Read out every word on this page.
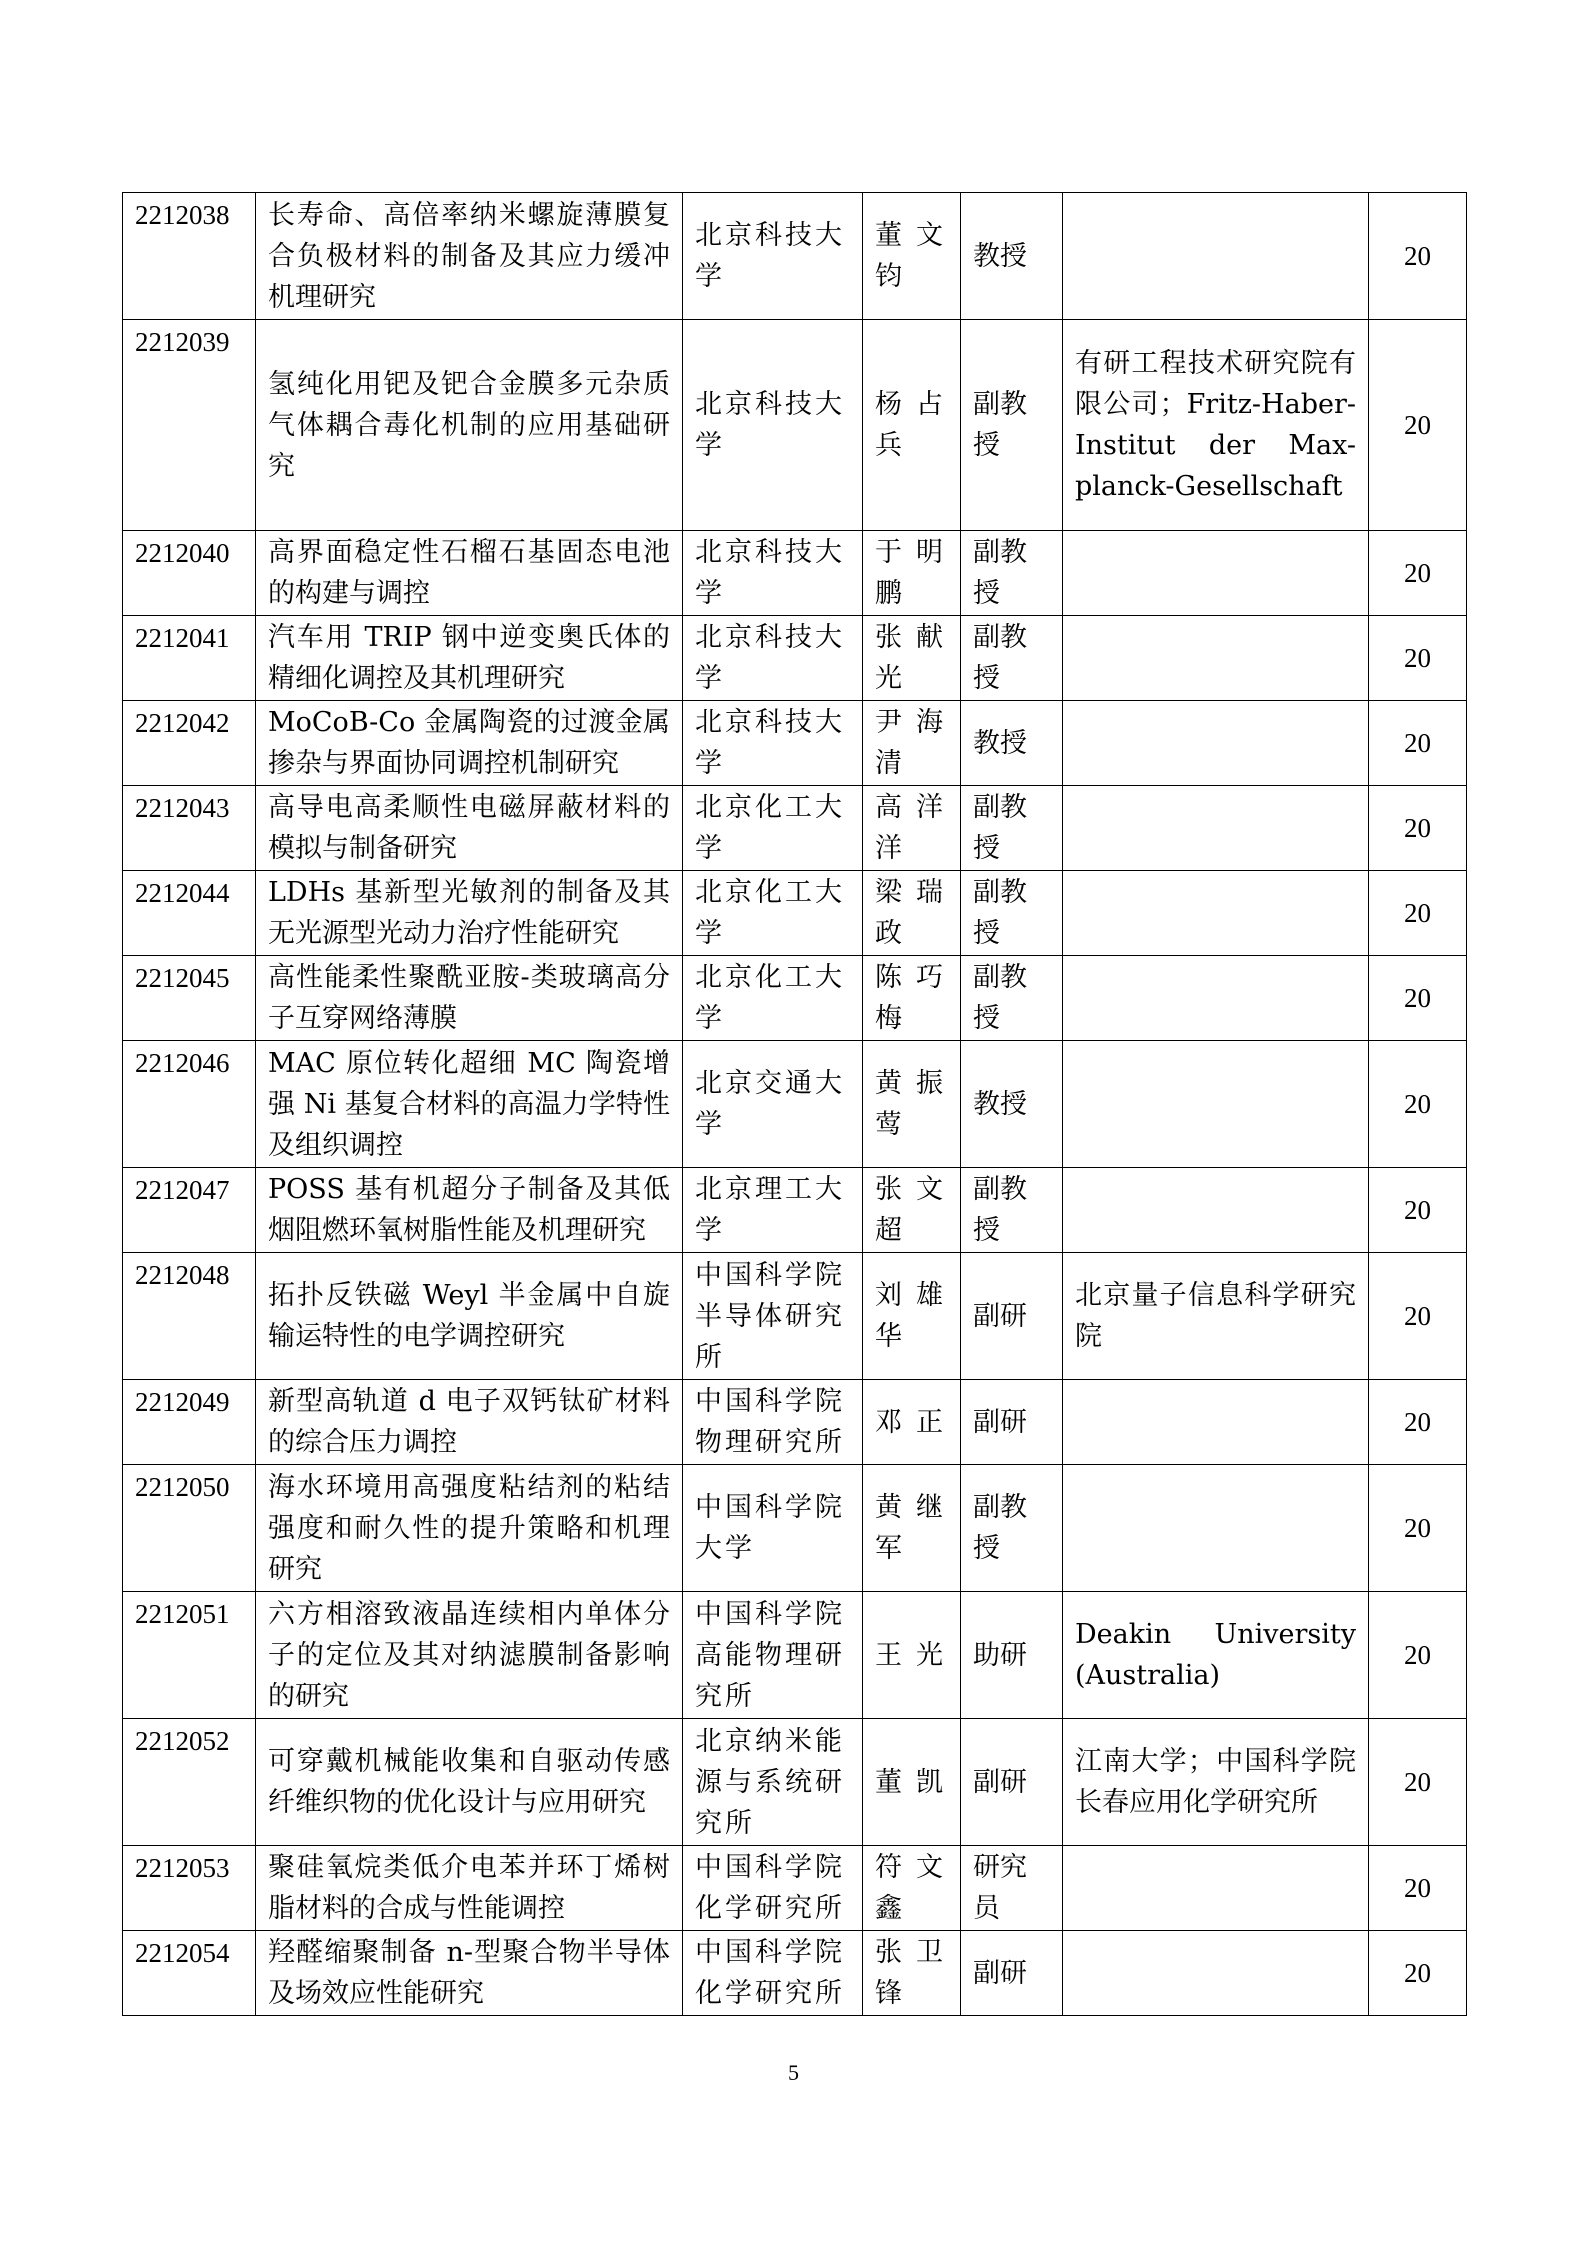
2212038	长寿命、高倍率纳米螺旋薄膜复合负极材料的制备及其应力缓冲机理研究	北京科技大学	董文钧	教授		20
2212039	氢纯化用钯及钯合金膜多元杂质气体耦合毒化机制的应用基础研究	北京科技大学	杨占兵	副教授	有研工程技术研究院有限公司；Fritz-Haber-Institut der Max-planck-Gesellschaft	20
2212040	高界面稳定性石榴石基固态电池的构建与调控	北京科技大学	于明鹏	副教授		20
2212041	汽车用 TRIP 钢中逆变奥氏体的精细化调控及其机理研究	北京科技大学	张献光	副教授		20
2212042	MoCoB-Co 金属陶瓷的过渡金属掺杂与界面协同调控机制研究	北京科技大学	尹海清	教授		20
2212043	高导电高柔顺性电磁屏蔽材料的模拟与制备研究	北京化工大学	高洋洋	副教授		20
2212044	LDHs 基新型光敏剂的制备及其无光源型光动力治疗性能研究	北京化工大学	梁瑞政	副教授		20
2212045	高性能柔性聚酰亚胺-类玻璃高分子互穿网络薄膜	北京化工大学	陈巧梅	副教授		20
2212046	MAC 原位转化超细 MC 陶瓷增强 Ni 基复合材料的高温力学特性及组织调控	北京交通大学	黄振莺	教授		20
2212047	POSS 基有机超分子制备及其低烟阻燃环氧树脂性能及机理研究	北京理工大学	张文超	副教授		20
2212048	拓扑反铁磁 Weyl 半金属中自旋输运特性的电学调控研究	中国科学院半导体研究所	刘雄华	副研	北京量子信息科学研究院	20
2212049	新型高轨道 d 电子双钙钛矿材料的综合压力调控	中国科学院物理研究所	邓正	副研		20
2212050	海水环境用高强度粘结剂的粘结强度和耐久性的提升策略和机理研究	中国科学院大学	黄继军	副教授		20
2212051	六方相溶致液晶连续相内单体分子的定位及其对纳滤膜制备影响的研究	中国科学院高能物理研究所	王光	助研	Deakin University (Australia)	20
2212052	可穿戴机械能收集和自驱动传感纤维织物的优化设计与应用研究	北京纳米能源与系统研究所	董凯	副研	江南大学；中国科学院长春应用化学研究所	20
2212053	聚硅氧烷类低介电苯并环丁烯树脂材料的合成与性能调控	中国科学院化学研究所	符文鑫	研究员		20
2212054	羟醛缩聚制备 n-型聚合物半导体及场效应性能研究	中国科学院化学研究所	张卫锋	副研		20
5
